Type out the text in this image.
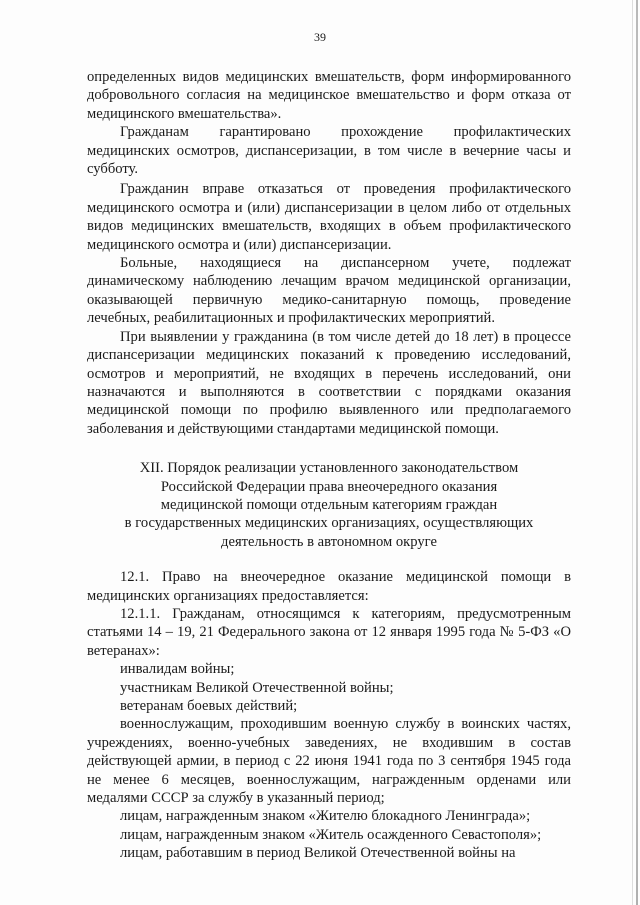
39

определенных видов медицинских вмешательств, форм информированного добровольного согласия на медицинское вмешательство и форм отказа от медицинского вмешательства».

Гражданам гарантировано прохождение профилактических медицинских осмотров, диспансеризации, в том числе в вечерние часы и субботу.

Гражданин вправе отказаться от проведения профилактического медицинского осмотра и (или) диспансеризации в целом либо от отдельных видов медицинских вмешательств, входящих в объем профилактического медицинского осмотра и (или) диспансеризации.

Больные, находящиеся на диспансерном учете, подлежат динамическому наблюдению лечащим врачом медицинской организации, оказывающей первичную медико-санитарную помощь, проведение лечебных, реабилитационных и профилактических мероприятий.

При выявлении у гражданина (в том числе детей до 18 лет) в процессе диспансеризации медицинских показаний к проведению исследований, осмотров и мероприятий, не входящих в перечень исследований, они назначаются и выполняются в соответствии с порядками оказания медицинской помощи по профилю выявленного или предполагаемого заболевания и действующими стандартами медицинской помощи.

XII. Порядок реализации установленного законодательством
Российской Федерации права внеочередного оказания
медицинской помощи отдельным категориям граждан
в государственных медицинских организациях, осуществляющих
деятельность в автономном округе

12.1. Право на внеочередное оказание медицинской помощи в медицинских организациях предоставляется:

12.1.1. Гражданам, относящимся к категориям, предусмотренным статьями 14 – 19, 21 Федерального закона от 12 января 1995 года № 5-ФЗ «О ветеранах»:

инвалидам войны;

участникам Великой Отечественной войны;

ветеранам боевых действий;

военнослужащим, проходившим военную службу в воинских частях, учреждениях, военно-учебных заведениях, не входившим в состав действующей армии, в период с 22 июня 1941 года по 3 сентября 1945 года не менее 6 месяцев, военнослужащим, награжденным орденами или медалями СССР за службу в указанный период;

лицам, награжденным знаком «Жителю блокадного Ленинграда»;

лицам, награжденным знаком «Житель осажденного Севастополя»;

лицам, работавшим в период Великой Отечественной войны на
